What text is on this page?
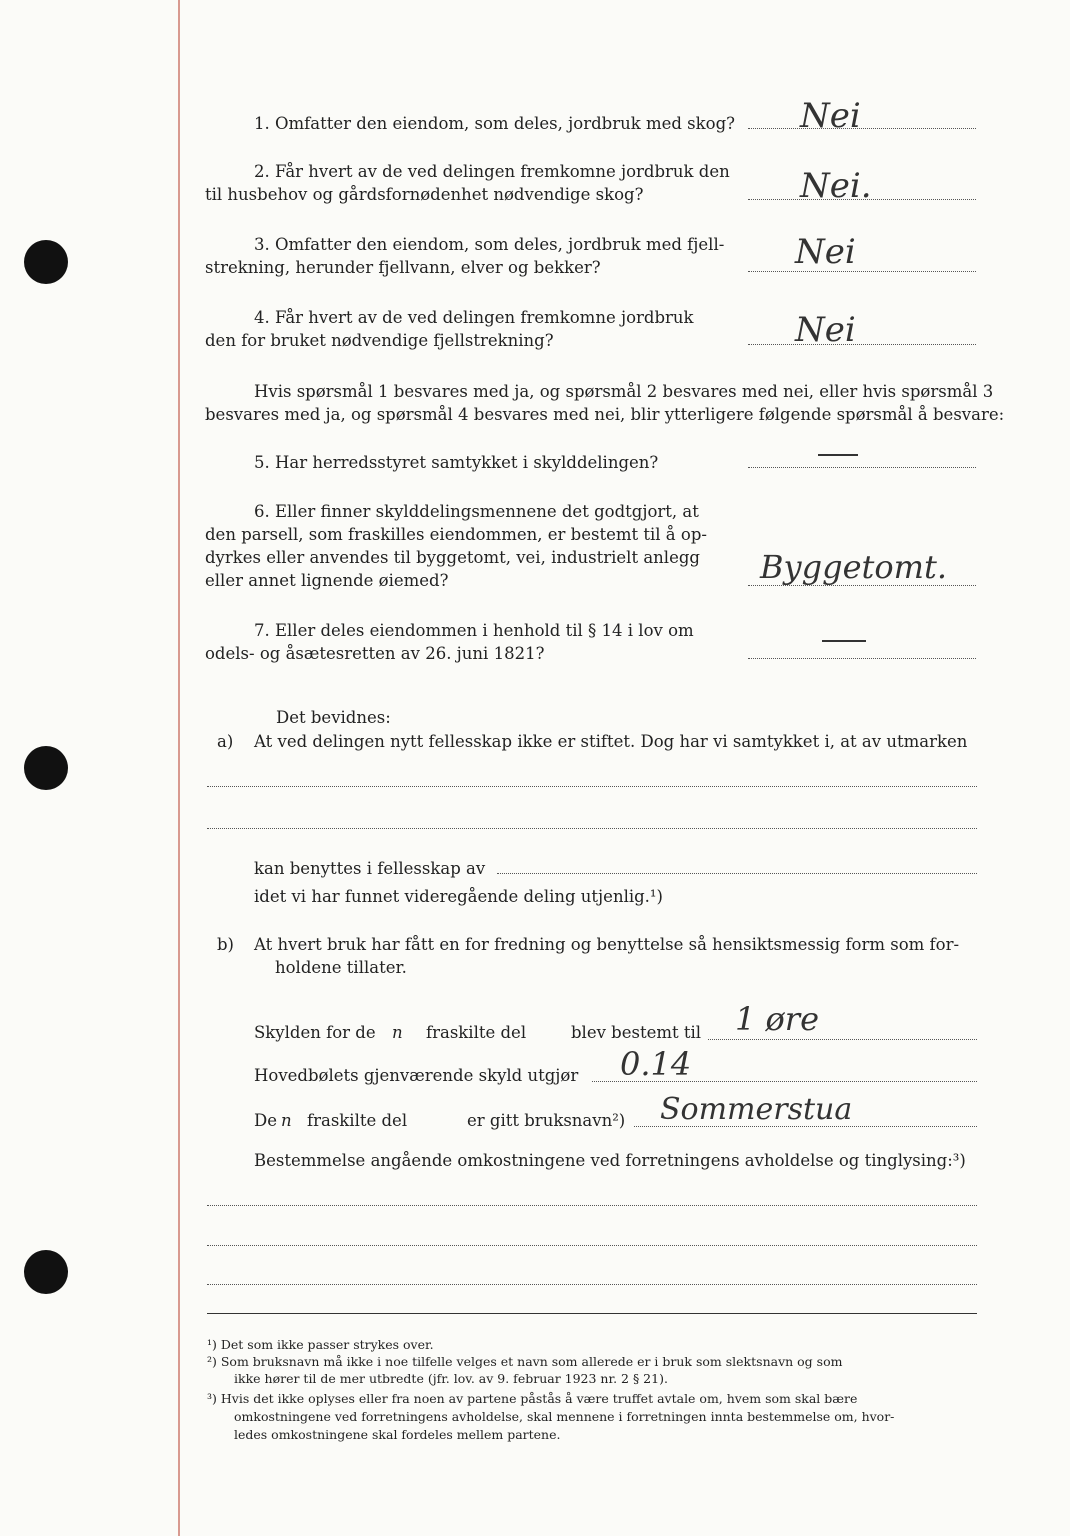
1. Omfatter den eiendom, som deles, jordbruk med skog? Nei
2. Får hvert av de ved delingen fremkomne jordbruk den
til husbehov og gårdsfornødenhet nødvendige skog?	Nei.
3. Omfatter den eiendom, som deles, jordbruk med fjell-
strekning, herunder fjellvann, elver og bekker?	Nei
4. Får hvert av de ved delingen fremkomne jordbruk
den for bruket nødvendige fjellstrekning?	Nei
Hvis spørsmål 1 besvares med ja, og spørsmål 2 besvares med nei, eller hvis spørsmål 3
besvares med ja, og spørsmål 4 besvares med nei, blir ytterligere følgende spørsmål å besvare:
5. Har herredsstyret samtykket i skylddelingen?
6. Eller finner skylddelingsmennene det godtgjort, at
den parsell, som fraskilles eiendommen, er bestemt til å op-
dyrkes eller anvendes til byggetomt, vei, industrielt anlegg
eller annet lignende øiemed?	Byggetomt.
7. Eller deles eiendommen i henhold til § 14 i lov om
odels- og åsætesretten av 26. juni 1821?
Det bevidnes:
a) At ved delingen nytt fellesskap ikke er stiftet. Dog har vi samtykket i, at av utmarken
kan benyttes i fellesskap av
idet vi har funnet videregående deling utjenlig.¹)
b) At hvert bruk har fått en for fredning og benyttelse så hensiktsmessig form som for-
holdene tillater.
Skylden for de n fraskilte del	blev bestemt til 1 øre
Hovedbølets gjenværende skyld utgjør 0.14
De n fraskilte del	er gitt bruksnavn²) Sommerstua
Bestemmelse angående omkostningene ved forretningens avholdelse og tinglysing:³)
¹) Det som ikke passer strykes over.
²) Som bruksnavn må ikke i noe tilfelle velges et navn som allerede er i bruk som slektsnavn og som
ikke hører til de mer utbredte (jfr. lov. av 9. februar 1923 nr. 2 § 21).
³) Hvis det ikke oplyses eller fra noen av partene påstås å være truffet avtale om, hvem som skal bære
omkostningene ved forretningens avholdelse, skal mennene i forretningen innta bestemmelse om, hvor-
ledes omkostningene skal fordeles mellem partene.
